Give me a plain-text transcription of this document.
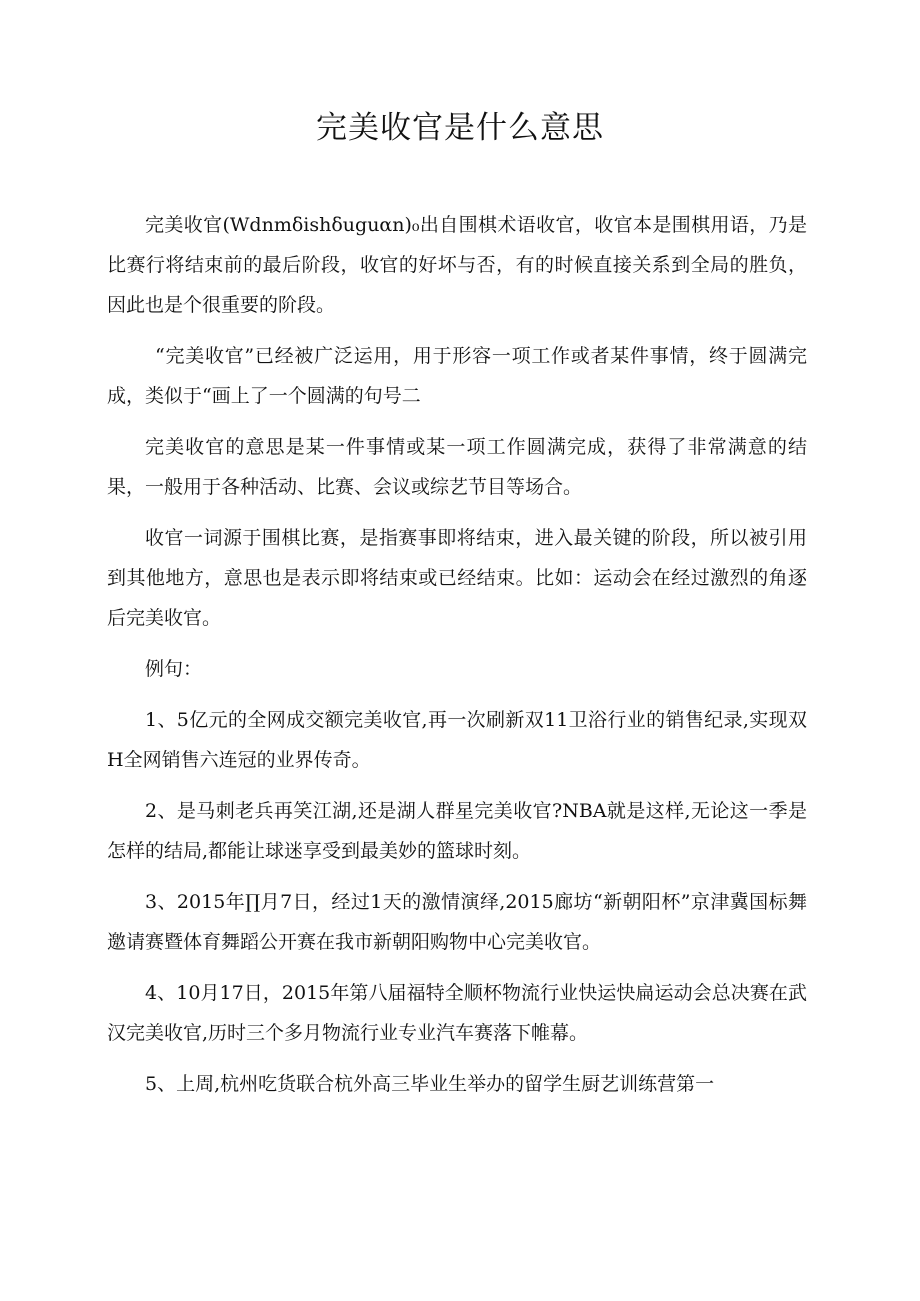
完美收官是什么意思

完美收官(Wdnmδishδuguαn)₀出自围棋术语收官，收官本是围棋用语，乃是比赛行将结束前的最后阶段，收官的好坏与否，有的时候直接关系到全局的胜负，因此也是个很重要的阶段。

“完美收官”已经被广泛运用，用于形容一项工作或者某件事情，终于圆满完成，类似于“画上了一个圆满的句号二

完美收官的意思是某一件事情或某一项工作圆满完成，获得了非常满意的结果，一般用于各种活动、比赛、会议或综艺节目等场合。

收官一词源于围棋比赛，是指赛事即将结束，进入最关键的阶段，所以被引用到其他地方，意思也是表示即将结束或已经结束。比如：运动会在经过激烈的角逐后完美收官。

例句：

1、5亿元的全网成交额完美收官,再一次刷新双11卫浴行业的销售纪录,实现双H全网销售六连冠的业界传奇。

2、是马刺老兵再笑江湖,还是湖人群星完美收官?NBA就是这样,无论这一季是怎样的结局,都能让球迷享受到最美妙的篮球时刻。

3、2015年∏月7日，经过1天的激情演绎,2015廊坊“新朝阳杯”京津冀国标舞邀请赛暨体育舞蹈公开赛在我市新朝阳购物中心完美收官。

4、10月17日，2015年第八届福特全顺杯物流行业快运快扁运动会总决赛在武汉完美收官,历时三个多月物流行业专业汽车赛落下帷幕。

5、上周,杭州吃货联合杭外高三毕业生举办的留学生厨艺训练营第一
